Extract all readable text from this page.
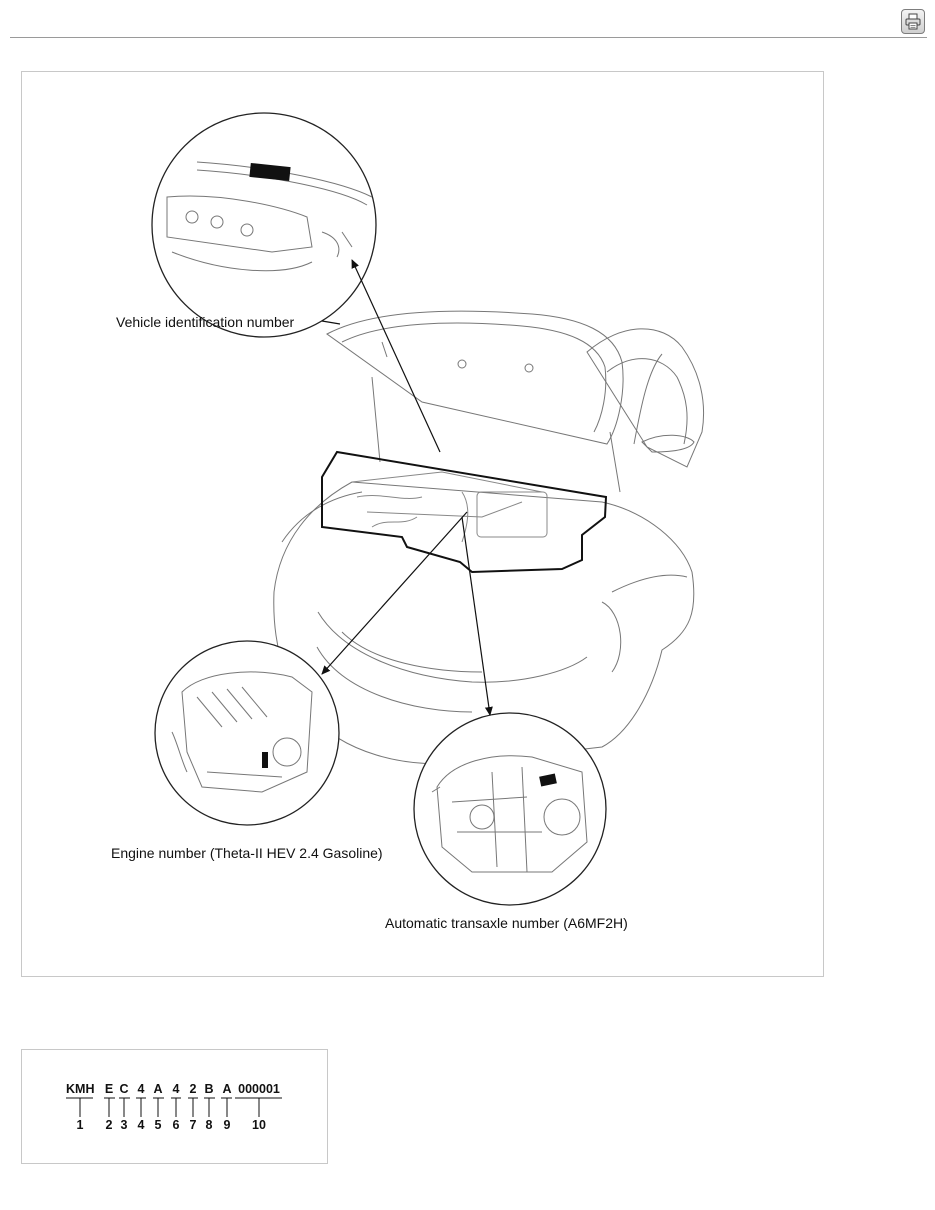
Vehicle identification number
Engine number (Theta-II HEV 2.4 Gasoline)
Automatic transaxle number (A6MF2H)
KMH E C 4 A 4 2 B A 000001
1 2 3 4 5 6 7 8 9 10
